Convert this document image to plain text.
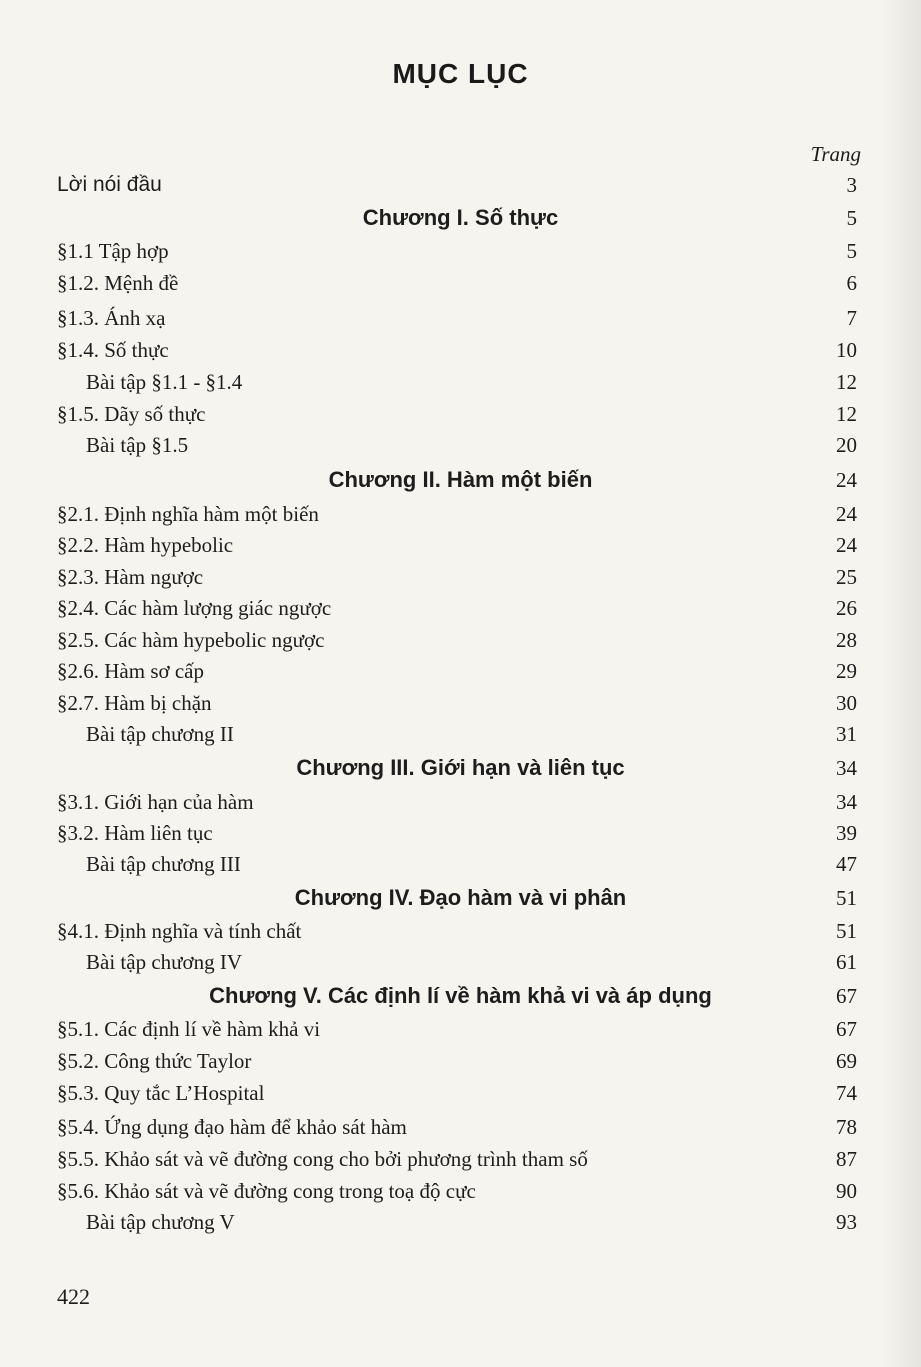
MỤC LỤC
Trang
Lời nói đầu	3
Chương I. Số thực	5
§1.1 Tập hợp	5
§1.2. Mệnh đề	6
§1.3. Ánh xạ	7
§1.4. Số thực	10
Bài tập §1.1 - §1.4	12
§1.5. Dãy số thực	12
Bài tập §1.5	20
Chương II. Hàm một biến	24
§2.1. Định nghĩa hàm một biến	24
§2.2. Hàm hypebolic	24
§2.3. Hàm ngược	25
§2.4. Các hàm lượng giác ngược	26
§2.5. Các hàm hypebolic ngược	28
§2.6. Hàm sơ cấp	29
§2.7. Hàm bị chặn	30
Bài tập chương II	31
Chương III. Giới hạn và liên tục	34
§3.1. Giới hạn của hàm	34
§3.2. Hàm liên tục	39
Bài tập chương III	47
Chương IV. Đạo hàm và vi phân	51
§4.1. Định nghĩa và tính chất	51
Bài tập chương IV	61
Chương V. Các định lí về hàm khả vi và áp dụng	67
§5.1. Các định lí về hàm khả vi	67
§5.2. Công thức Taylor	69
§5.3. Quy tắc L’Hospital	74
§5.4. Ứng dụng đạo hàm để khảo sát hàm	78
§5.5. Khảo sát và vẽ đường cong cho bởi phương trình tham số	87
§5.6. Khảo sát và vẽ đường cong trong toạ độ cực	90
Bài tập chương V	93
422
